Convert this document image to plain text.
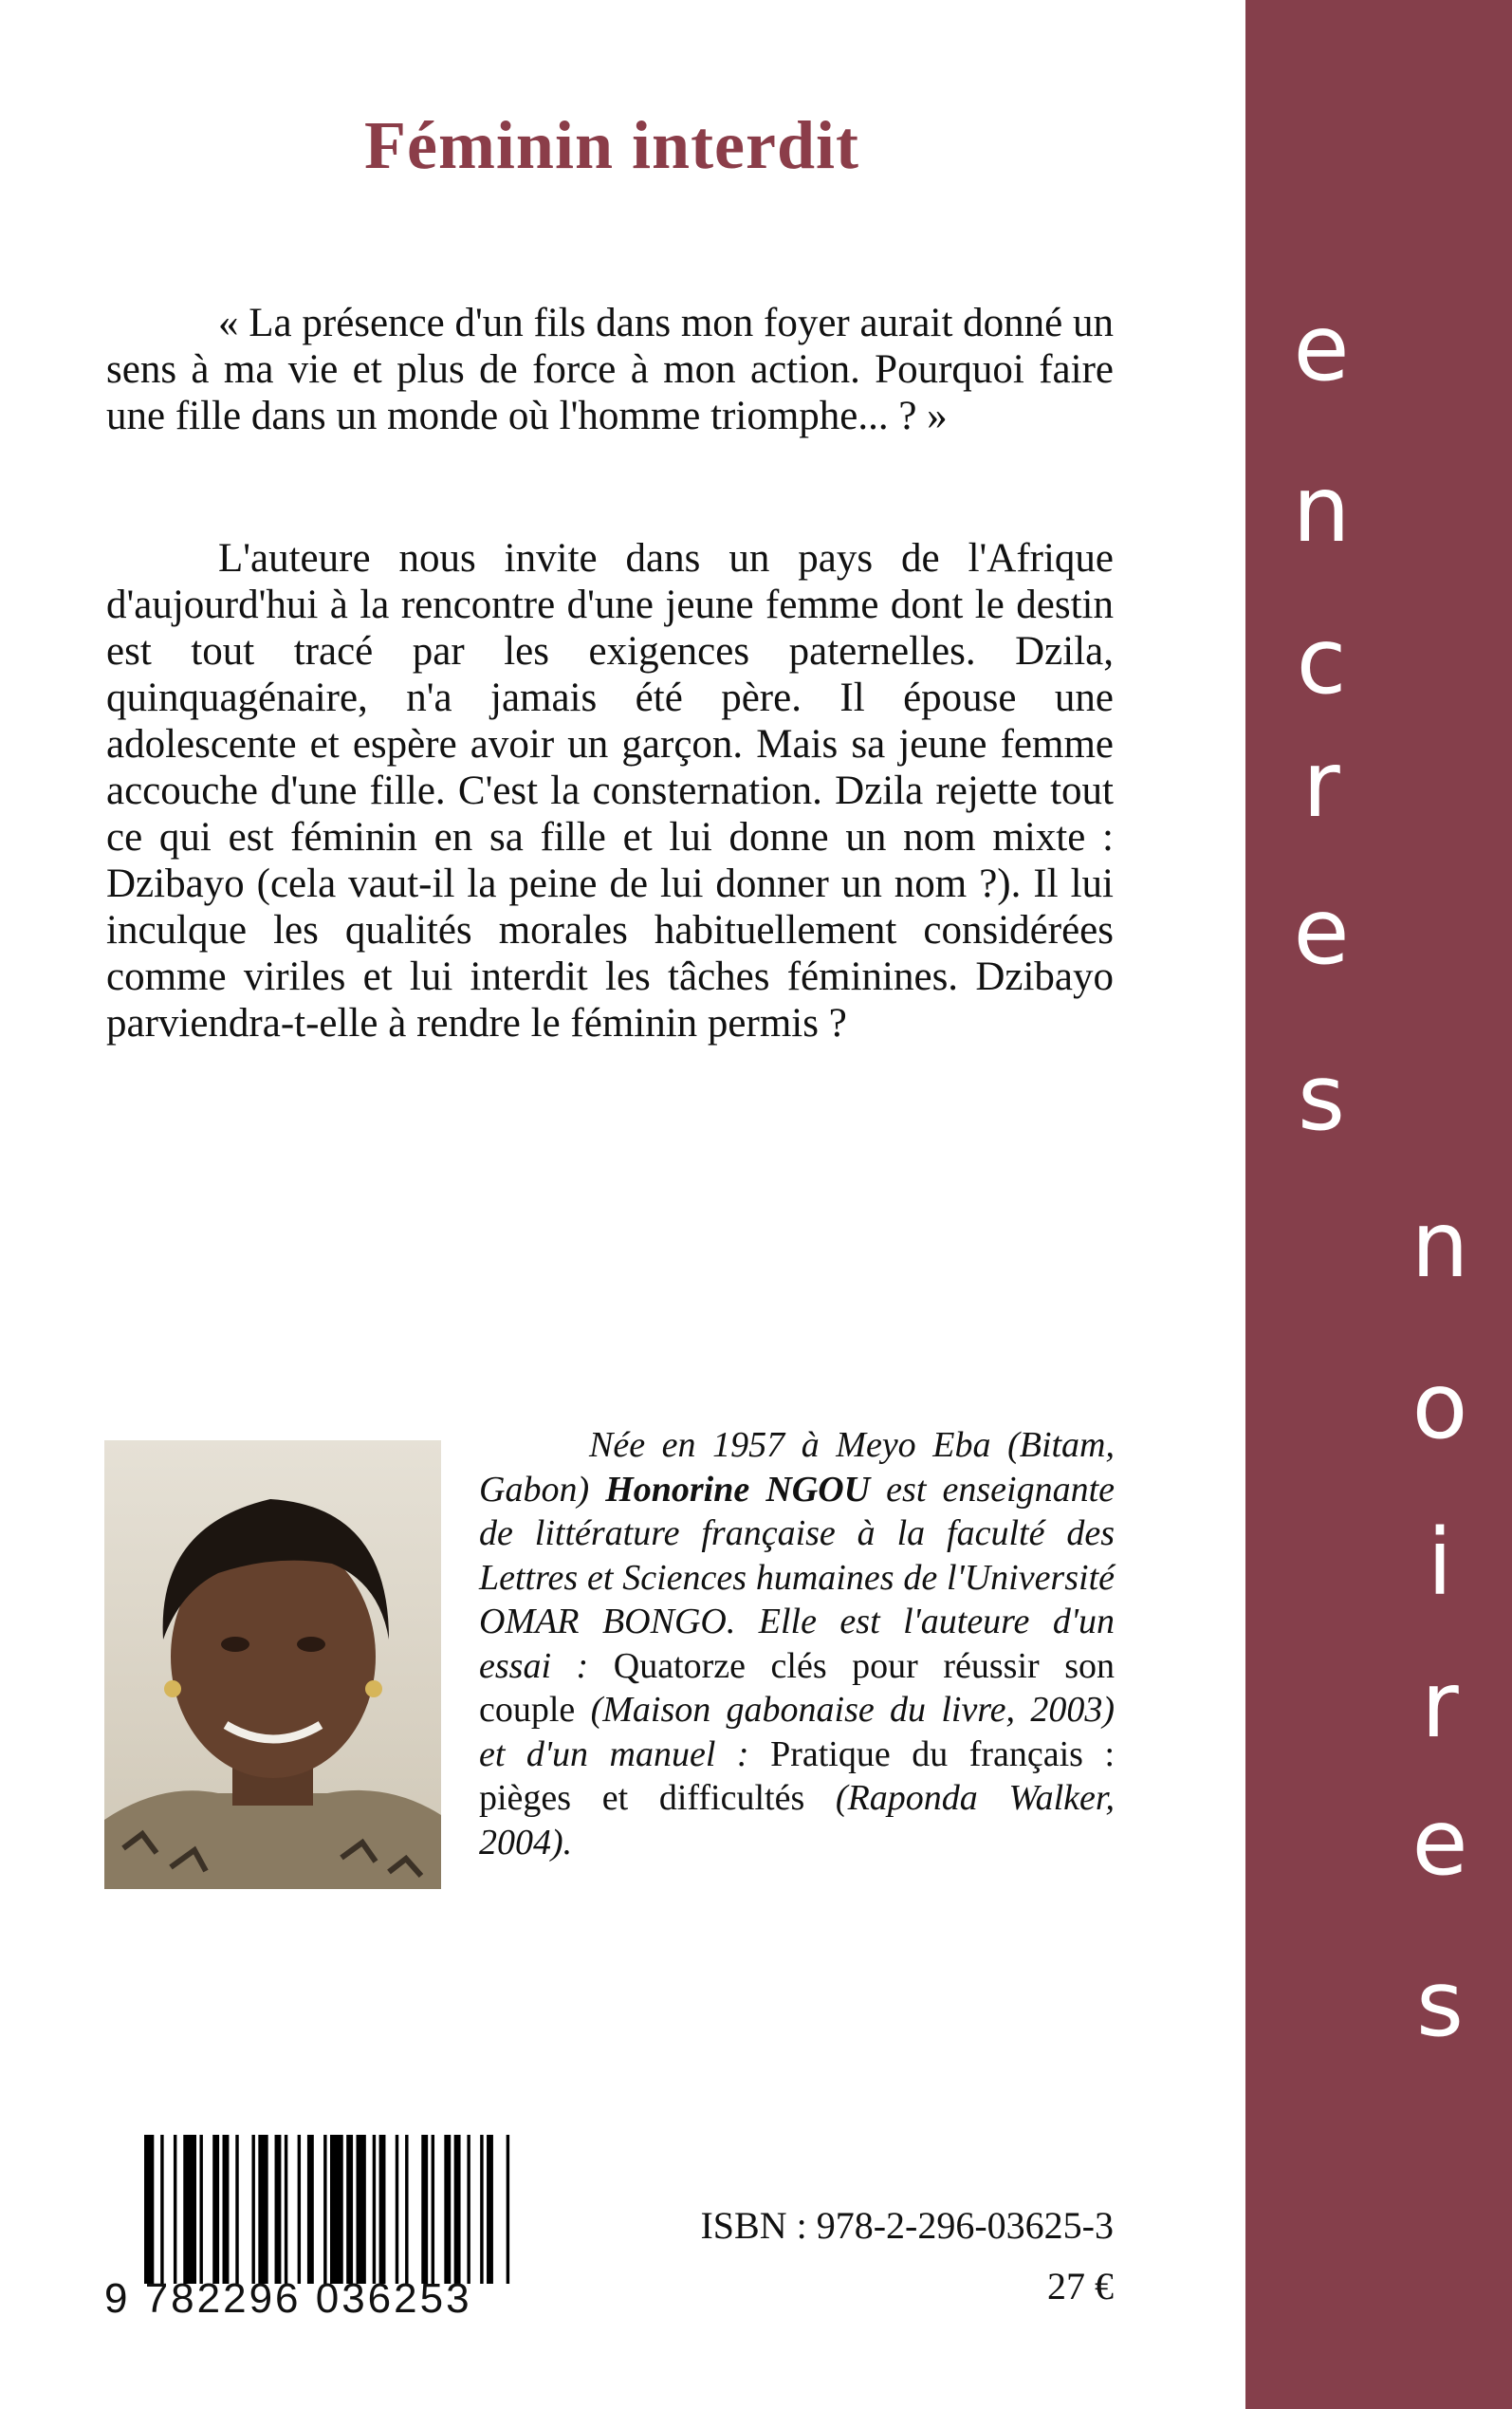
Féminin interdit

« La présence d'un fils dans mon foyer aurait donné un sens à ma vie et plus de force à mon action. Pourquoi faire une fille dans un monde où l'homme triomphe... ? »

L'auteure nous invite dans un pays de l'Afrique d'aujourd'hui à la rencontre d'une jeune femme dont le destin est tout tracé par les exigences paternelles. Dzila, quinquagénaire, n'a jamais été père. Il épouse une adolescente et espère avoir un garçon. Mais sa jeune femme accouche d'une fille. C'est la consternation. Dzila rejette tout ce qui est féminin en sa fille et lui donne un nom mixte : Dzibayo (cela vaut-il la peine de lui donner un nom ?). Il lui inculque les qualités morales habituellement considérées comme viriles et lui interdit les tâches féminines. Dzibayo parviendra-t-elle à rendre le féminin permis ?

Née en 1957 à Meyo Eba (Bitam, Gabon) Honorine NGOU est enseignante de littérature française à la faculté des Lettres et Sciences humaines de l'Université OMAR BONGO. Elle est l'auteure d'un essai : Quatorze clés pour réussir son couple (Maison gabonaise du livre, 2003) et d'un manuel : Pratique du français : pièges et difficultés (Raponda Walker, 2004).

9 782296 036253

ISBN : 978-2-296-03625-3

27 €

e
n
c
r
e
s
n
o
i
r
e
s
